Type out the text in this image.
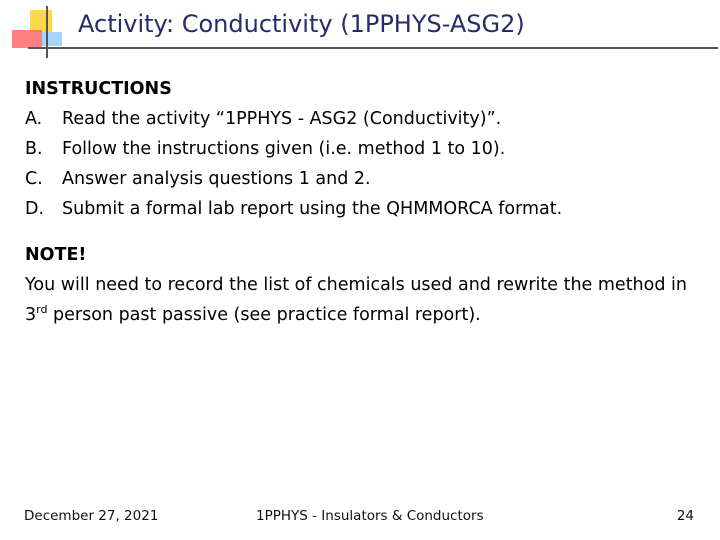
Activity: Conductivity (1PPHYS-ASG2)
INSTRUCTIONS
A.	Read the activity “1PPHYS - ASG2 (Conductivity)”.
B.	Follow the instructions given (i.e. method 1 to 10).
C.	Answer analysis questions 1 and 2.
D.	Submit a formal lab report using the QHMMORCA format.
NOTE!
You will need to record the list of chemicals used and rewrite the method in
3rd person past passive (see practice formal report).
December 27, 2021	1PPHYS - Insulators & Conductors	24
